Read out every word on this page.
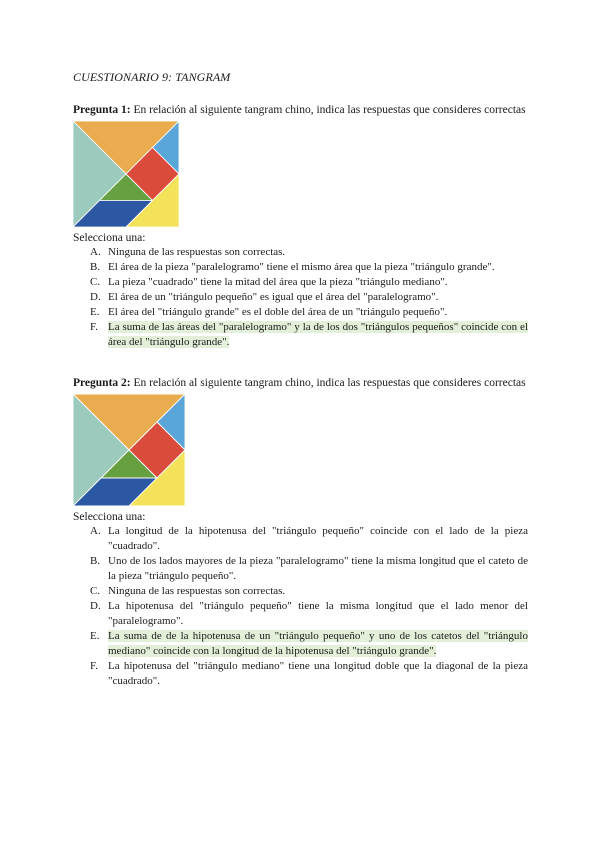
CUESTIONARIO 9: TANGRAM

Pregunta 1: En relación al siguiente tangram chino, indica las respuestas que consideres correctas

Selecciona una:

A. Ninguna de las respuestas son correctas.
B. El área de la pieza "paralelogramo" tiene el mismo área que la pieza "triángulo grande".
C. La pieza "cuadrado" tiene la mitad del área que la pieza "triángulo mediano".
D. El área de un "triángulo pequeño" es igual que el área del "paralelogramo".
E. El área del "triángulo grande" es el doble del área de un "triángulo pequeño".
F. La suma de las áreas del "paralelogramo" y la de los dos "triángulos pequeños" coincide con el área del "triángulo grande".

Pregunta 2: En relación al siguiente tangram chino, indica las respuestas que consideres correctas

Selecciona una:

A. La longitud de la hipotenusa del "triángulo pequeño" coincide con el lado de la pieza "cuadrado".
B. Uno de los lados mayores de la pieza "paralelogramo" tiene la misma longitud que el cateto de la pieza "triángulo pequeño".
C. Ninguna de las respuestas son correctas.
D. La hipotenusa del "triángulo pequeño" tiene la misma longitud que el lado menor del "paralelogramo".
E. La suma de de la hipotenusa de un "triángulo pequeño" y uno de los catetos del "triángulo mediano" coincide con la longitud de la hipotenusa del "triángulo grande".
F. La hipotenusa del "triángulo mediano" tiene una longitud doble que la diagonal de la pieza "cuadrado".
